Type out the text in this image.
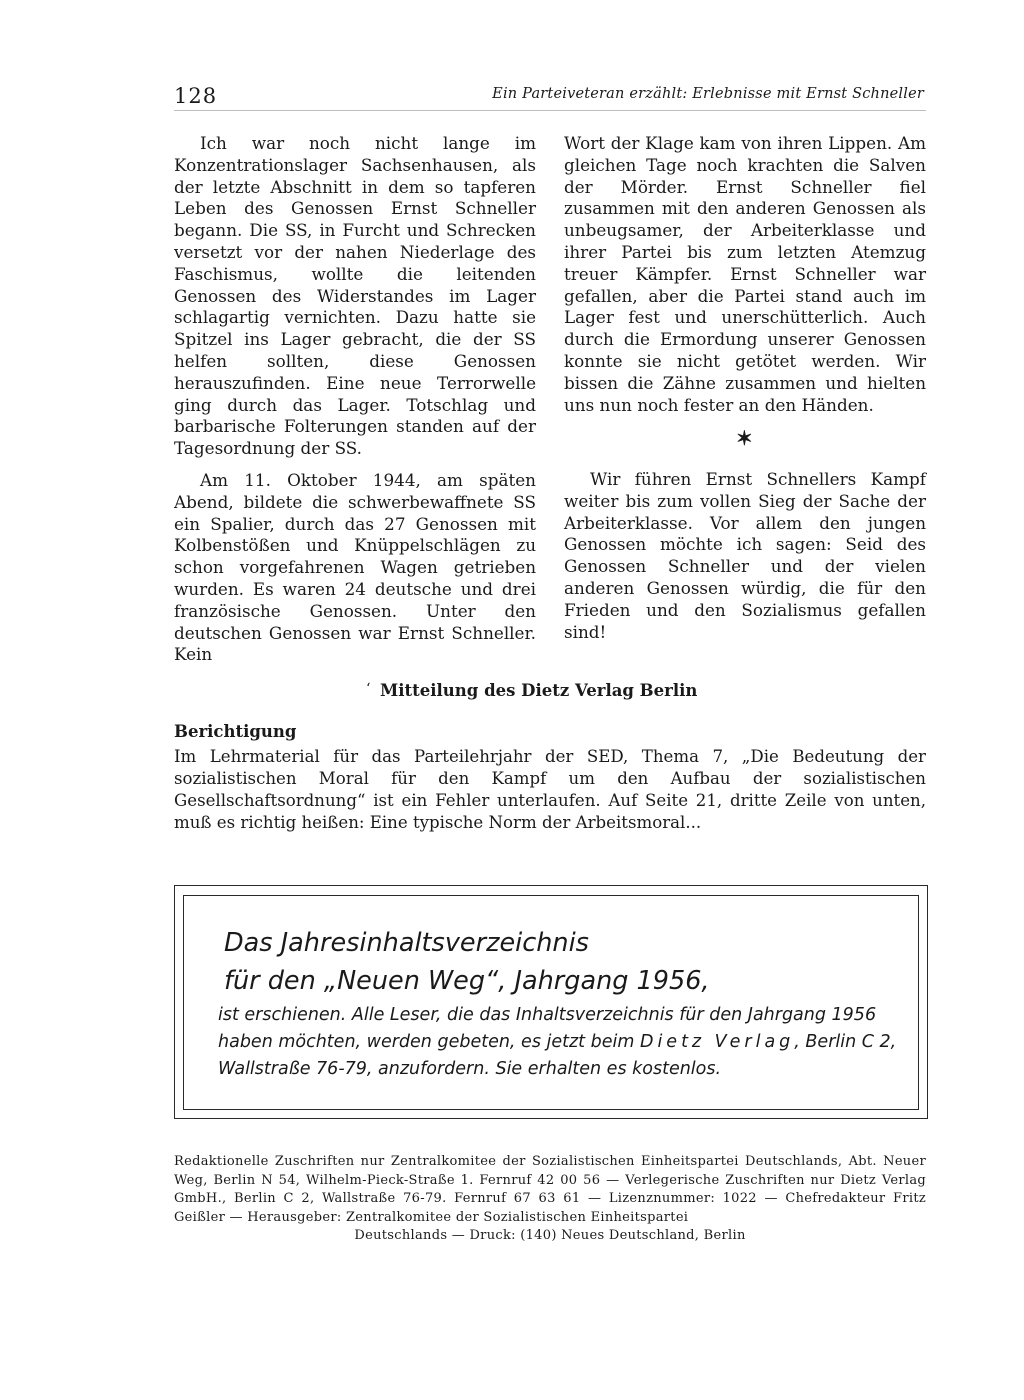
128	Ein Parteiveteran erzählt: Erlebnisse mit Ernst Schneller

Ich war noch nicht lange im Konzentrationslager Sachsenhausen, als der letzte Abschnitt in dem so tapferen Leben des Genossen Ernst Schneller begann. Die SS, in Furcht und Schrecken versetzt vor der nahen Niederlage des Faschismus, wollte die leitenden Genossen des Widerstandes im Lager schlagartig vernichten. Dazu hatte sie Spitzel ins Lager gebracht, die der SS helfen sollten, diese Genossen herauszufinden. Eine neue Terrorwelle ging durch das Lager. Totschlag und barbarische Folterungen standen auf der Tagesordnung der SS.

Am 11. Oktober 1944, am späten Abend, bildete die schwerbewaffnete SS ein Spalier, durch das 27 Genossen mit Kolbenstößen und Knüppelschlägen zu schon vorgefahrenen Wagen getrieben wurden. Es waren 24 deutsche und drei französische Genossen. Unter den deutschen Genossen war Ernst Schneller. Kein

Wort der Klage kam von ihren Lippen. Am gleichen Tage noch krachten die Salven der Mörder. Ernst Schneller fiel zusammen mit den anderen Genossen als unbeugsamer, der Arbeiterklasse und ihrer Partei bis zum letzten Atemzug treuer Kämpfer. Ernst Schneller war gefallen, aber die Partei stand auch im Lager fest und unerschütterlich. Auch durch die Ermordung unserer Genossen konnte sie nicht getötet werden. Wir bissen die Zähne zusammen und hielten uns nun noch fester an den Händen.

✶

Wir führen Ernst Schnellers Kampf weiter bis zum vollen Sieg der Sache der Arbeiterklasse. Vor allem den jungen Genossen möchte ich sagen: Seid des Genossen Schneller und der vielen anderen Genossen würdig, die für den Frieden und den Sozialismus gefallen sind!

‘ Mitteilung des Dietz Verlag Berlin
Berichtigung
Im Lehrmaterial für das Parteilehrjahr der SED, Thema 7, „Die Bedeutung der sozialistischen Moral für den Kampf um den Aufbau der sozialistischen Gesellschaftsordnung“ ist ein Fehler unterlaufen. Auf Seite 21, dritte Zeile von unten, muß es richtig heißen: Eine typische Norm der Arbeitsmoral...
Das Jahresinhaltsverzeichnis
für den „Neuen Weg“, Jahrgang 1956,
ist erschienen. Alle Leser, die das Inhaltsverzeichnis für den Jahrgang 1956 haben möchten, werden gebeten, es jetzt beim Dietz Verlag, Berlin C 2, Wallstraße 76-79, anzufordern. Sie erhalten es kostenlos.
Redaktionelle Zuschriften nur Zentralkomitee der Sozialistischen Einheitspartei Deutschlands, Abt. Neuer Weg, Berlin N 54, Wilhelm-Pieck-Straße 1. Fernruf 42 00 56 — Verlegerische Zuschriften nur Dietz Verlag GmbH., Berlin C 2, Wallstraße 76-79. Fernruf 67 63 61 — Lizenznummer: 1022 — Chefredakteur Fritz Geißler — Herausgeber: Zentralkomitee der Sozialistischen Einheitspartei
Deutschlands — Druck: (140) Neues Deutschland, Berlin
